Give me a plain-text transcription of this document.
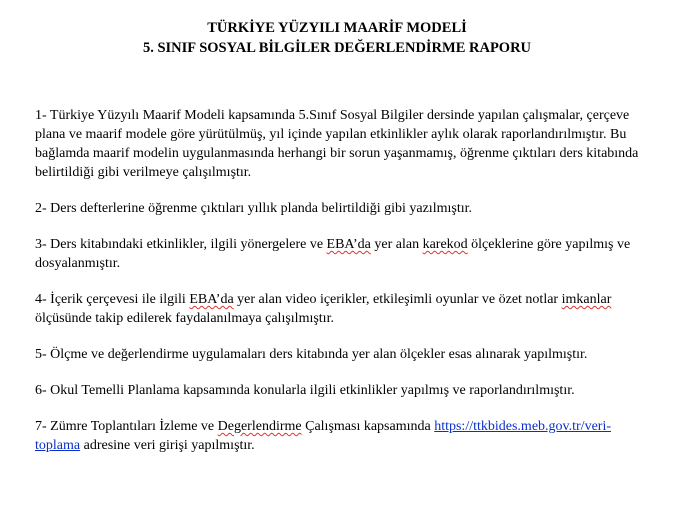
TÜRKİYE YÜZYILI MAARİF MODELİ
5. SINIF SOSYAL BİLGİLER DEĞERLENDİRME RAPORU
1- Türkiye Yüzyılı Maarif Modeli kapsamında 5.Sınıf Sosyal Bilgiler dersinde yapılan çalışmalar, çerçeve plana ve maarif modele göre yürütülmüş, yıl içinde yapılan etkinlikler aylık olarak raporlandırılmıştır. Bu bağlamda maarif modelin uygulanmasında herhangi bir sorun yaşanmamış, öğrenme çıktıları ders kitabında belirtildiği gibi verilmeye çalışılmıştır.
2- Ders defterlerine öğrenme çıktıları yıllık planda belirtildiği gibi yazılmıştır.
3- Ders kitabındaki etkinlikler, ilgili yönergelere ve EBA’da yer alan karekod ölçeklerine göre yapılmış ve dosyalanmıştır.
4- İçerik çerçevesi ile ilgili EBA’da yer alan video içerikler, etkileşimli oyunlar ve özet notlar imkanlar ölçüsünde takip edilerek faydalanılmaya çalışılmıştır.
5- Ölçme ve değerlendirme uygulamaları ders kitabında yer alan ölçekler esas alınarak yapılmıştır.
6- Okul Temelli Planlama kapsamında konularla ilgili etkinlikler yapılmış ve raporlandırılmıştır.
7- Zümre Toplantıları İzleme ve Degerlendirme Çalışması kapsamında https://ttkbides.meb.gov.tr/veri-toplama adresine veri girişi yapılmıştır.
